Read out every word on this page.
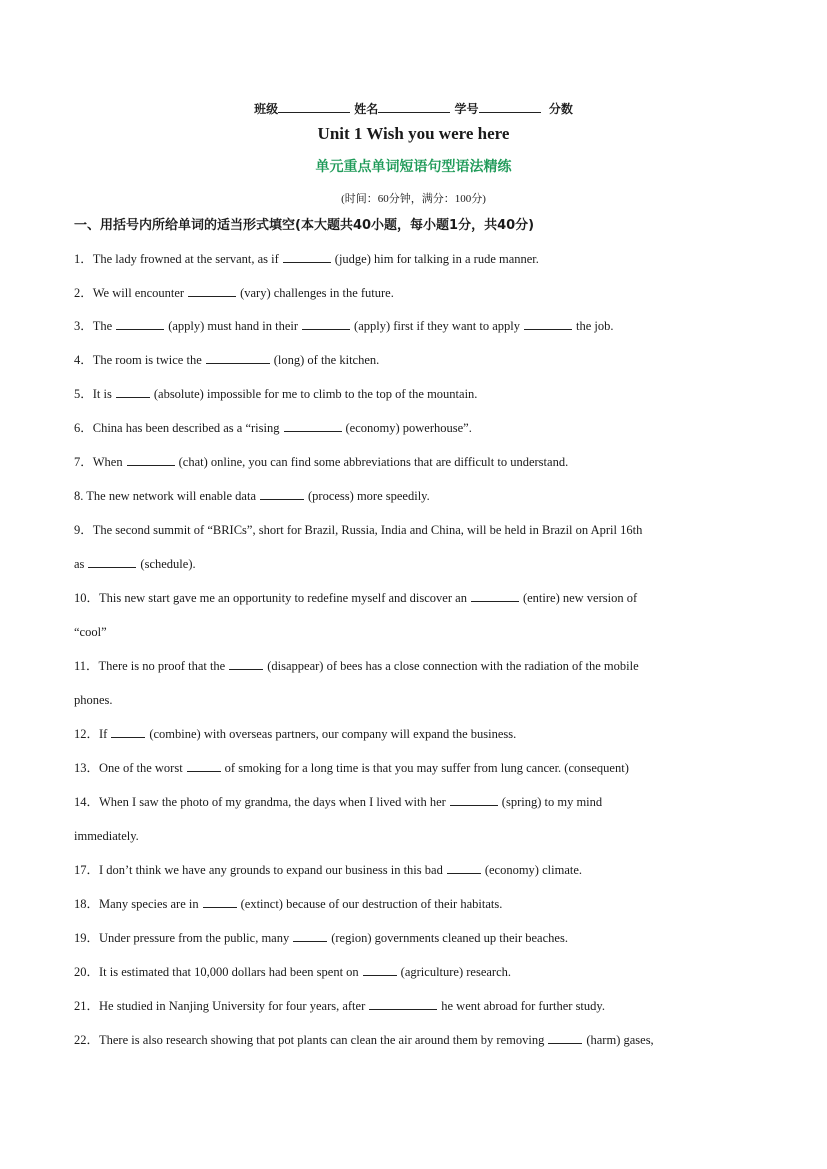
班级	姓名	学号	分数
Unit 1 Wish you were here
单元重点单词短语句型语法精练
(时间：60分钟，满分：100分)
一、用括号内所给单词的适当形式填空(本大题共40小题，每小题1分，共40分)
1．The lady frowned at the servant, as if	(judge) him for talking in a rude manner.
2．We will encounter	(vary) challenges in the future.
3．The	(apply) must hand in their	(apply) first if they want to apply	the job.
4．The room is twice the	(long) of the kitchen.
5．It is	(absolute) impossible for me to climb to the top of the mountain.
6．China has been described as a “rising	(economy) powerhouse”.
7．When	(chat) online, you can find some abbreviations that are difficult to understand.
8. The new network will enable data	(process) more speedily.
9．The second summit of “BRICs”, short for Brazil, Russia, India and China, will be held in Brazil on April 16th
as	(schedule).
10．This new start gave me an opportunity to redefine myself and discover an	(entire) new version of
“cool”
11．There is no proof that the	(disappear) of bees has a close connection with the radiation of the mobile
phones.
12．If	(combine) with overseas partners, our company will expand the business.
13．One of the worst	of smoking for a long time is that you may suffer from lung cancer. (consequent)
14．When I saw the photo of my grandma, the days when I lived with her	(spring) to my mind
immediately.
17．I don’t think we have any grounds to expand our business in this bad	(economy) climate.
18．Many species are in	(extinct) because of our destruction of their habitats.
19．Under pressure from the public, many	(region) governments cleaned up their beaches.
20．It is estimated that 10,000 dollars had been spent on	(agriculture) research.
21．He studied in Nanjing University for four years, after	he went abroad for further study.
22．There is also research showing that pot plants can clean the air around them by removing	(harm) gases,
